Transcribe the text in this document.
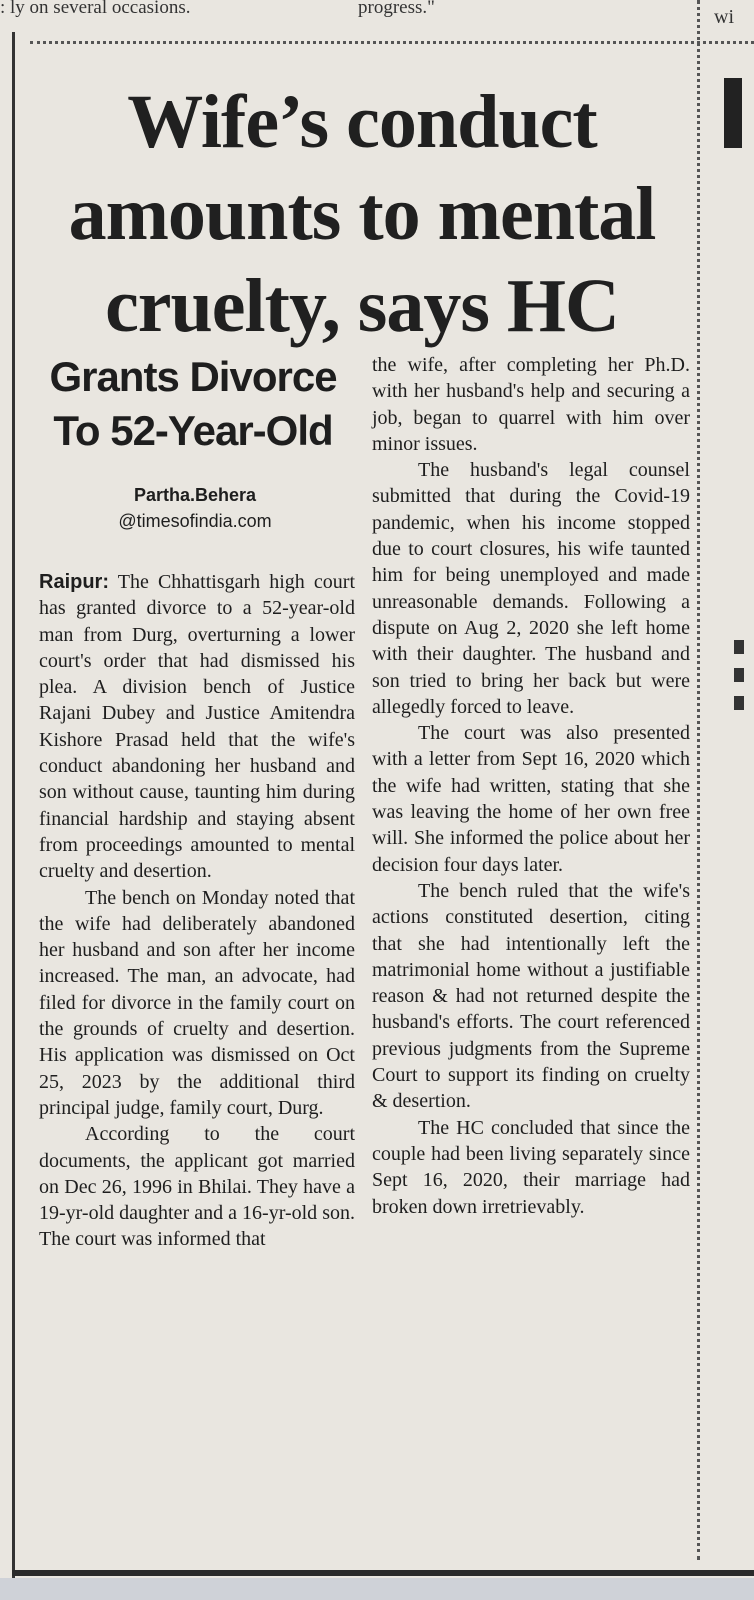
: ly on several occasions.	progress."	wi
Wife’s conduct
amounts to mental
cruelty, says HC
Grants Divorce
To 52-Year-Old
Partha.Behera
@timesofindia.com

Raipur: The Chhattisgarh high court has granted divorce to a 52-year-old man from Durg, overturning a lower court's order that had dismissed his plea. A division bench of Justice Rajani Dubey and Justice Amitendra Kishore Prasad held that the wife's conduct abandoning her husband and son without cause, taunting him during financial hardship and staying absent from proceedings amounted to mental cruelty and desertion.

The bench on Monday noted that the wife had deliberately abandoned her husband and son after her income increased. The man, an advocate, had filed for divorce in the family court on the grounds of cruelty and desertion. His application was dismissed on Oct 25, 2023 by the additional third principal judge, family court, Durg.

According to the court documents, the applicant got married on Dec 26, 1996 in Bhilai. They have a 19-yr-old daughter and a 16-yr-old son. The court was informed that

the wife, after completing her Ph.D. with her husband's help and securing a job, began to quarrel with him over minor issues.

The husband's legal counsel submitted that during the Covid-19 pandemic, when his income stopped due to court closures, his wife taunted him for being unemployed and made unreasonable demands. Following a dispute on Aug 2, 2020 she left home with their daughter. The husband and son tried to bring her back but were allegedly forced to leave.

The court was also presented with a letter from Sept 16, 2020 which the wife had written, stating that she was leaving the home of her own free will. She informed the police about her decision four days later.

The bench ruled that the wife's actions constituted desertion, citing that she had intentionally left the matrimonial home without a justifiable reason & had not returned despite the husband's efforts. The court referenced previous judgments from the Supreme Court to support its finding on cruelty & desertion.

The HC concluded that since the couple had been living separately since Sept 16, 2020, their marriage had broken down irretrievably.
